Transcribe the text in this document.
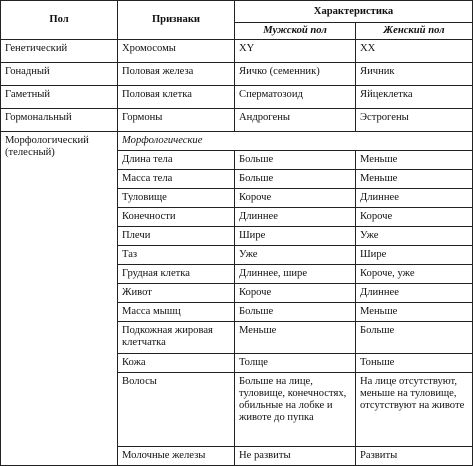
Пол	Признаки	Характеристика	
		Мужской пол	Женский пол
Генетический	Хромосомы	XY	XX
Гонадный	Половая железа	Яичко (семенник)	Яичник
Гаметный	Половая клетка	Сперматозоид	Яйцеклетка
Гормональный	Гормоны	Андрогены	Эстрогены
Морфологический (телесный)	Морфологические		
	Длина тела	Больше	Меньше
	Масса тела	Больше	Меньше
	Туловище	Короче	Длиннее
	Конечности	Длиннее	Короче
	Плечи	Шире	Уже
	Таз	Уже	Шире
	Грудная клетка	Длиннее, шире	Короче, уже
	Живот	Короче	Длиннее
	Масса мышц	Больше	Меньше
	Подкожная жировая клетчатка	Меньше	Больше
	Кожа	Толще	Тоньше
	Волосы	Больше на лице, туловище, конечностях, обильные на лобке и животе до пупка	На лице отсутствуют, меньше на туловище, отсутствуют на животе
	Молочные железы	Не развиты	Развиты
